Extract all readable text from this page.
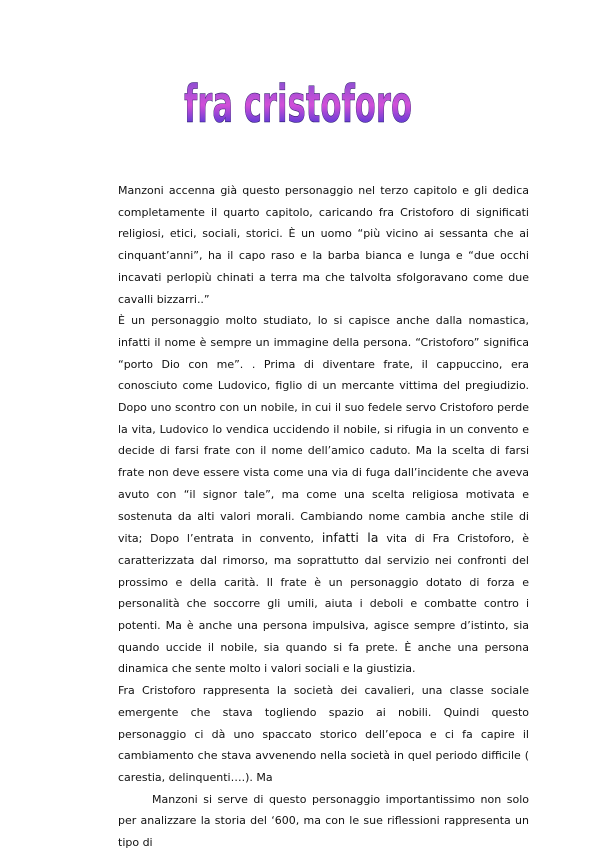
fra cristoforo

Manzoni accenna già questo personaggio nel terzo capitolo e gli dedica completamente il quarto capitolo, caricando fra Cristoforo di significati religiosi, etici, sociali, storici. È un uomo “più vicino ai sessanta che ai cinquant’anni”, ha il capo raso e la barba bianca e lunga e “due occhi incavati perlopiù chinati a terra ma che talvolta sfolgoravano come due cavalli bizzarri..”

È un personaggio molto studiato, lo si capisce anche dalla nomastica, infatti il nome è sempre un immagine della persona. “Cristoforo” significa “porto Dio con me”. . Prima di diventare frate, il cappuccino, era conosciuto come Ludovico, figlio di un mercante vittima del pregiudizio. Dopo uno scontro con un nobile, in cui il suo fedele servo Cristoforo perde la vita, Ludovico lo vendica uccidendo il nobile, si rifugia in un convento e decide di farsi frate con il nome dell’amico caduto. Ma la scelta di farsi frate non deve essere vista come una via di fuga dall’incidente che aveva avuto con “il signor tale”, ma come una scelta religiosa motivata e sostenuta da alti valori morali. Cambiando nome cambia anche stile di vita; Dopo l’entrata in convento, infatti la vita di Fra Cristoforo, è caratterizzata dal rimorso, ma soprattutto dal servizio nei confronti del prossimo e della carità. Il frate è un personaggio dotato di forza e personalità che soccorre gli umili, aiuta i deboli e combatte contro i potenti. Ma è anche una persona impulsiva, agisce sempre d’istinto, sia quando uccide il nobile, sia quando si fa prete. È anche una persona dinamica che sente molto i valori sociali e la giustizia.

Fra Cristoforo rappresenta la società dei cavalieri, una classe sociale emergente che stava togliendo spazio ai nobili. Quindi questo personaggio ci dà uno spaccato storico dell’epoca e ci fa capire il cambiamento che stava avvenendo nella società in quel periodo difficile ( carestia, delinquenti….). Ma

Manzoni si serve di questo personaggio importantissimo non solo per analizzare la storia del ‘600, ma con le sue riflessioni rappresenta un tipo di
